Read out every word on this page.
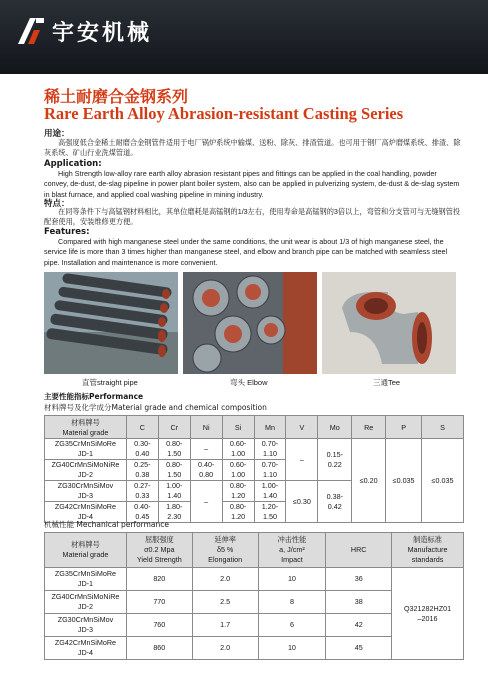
宇安机械
稀土耐磨合金钢系列
Rare Earth Alloy Abrasion-resistant Casting Series
用途：
高强度低合金稀土耐磨合金钢管件适用于电厂锅炉系统中输煤、送粉、除灰、排渣管道。也可用于钢厂高炉磨煤系统、排渣、除灰系统、矿山行业洗煤管道。
Application:
High Strength low-alloy rare earth alloy abrasion resistant pipes and fittings can be applied in the coal handling, powder convey, de-dust, de-slag pipeline in power plant boiler system, also can be applied in pulverizing system, de-dust & de-slag system in blast furnace, and applied coal washing pipeline in mining industry.
特点：
在同等条件下与高锰钢材料相比，其单位磨耗是高锰钢的1/3左右，使用寿命是高锰钢的3倍以上，弯管和分支管可与无缝钢管投配套使用，安装维修更方便。
Features:
Compared with high manganese steel under the same conditions, the unit wear is about 1/3 of high manganese steel, the service life is more than 3 times higher than manganese steel, and elbow and branch pipe can be matched with seamless steel pipe. Installation and maintenance is more convenient.
直管straight pipe	弯头 Elbow	三通Tee
主要性能指标Performance
材料牌号及化学成分Material grade and chemical composition
材料牌号
Material grade	C	Cr	Ni	Si	Mn	V	Mo	Re	P	S
ZG35CrMnSiMoRe
JD-1	0.30-
0.40	0.80-
1.50	–	0.60-
1.00	0.70-
1.10	–	0.15-
0.22	≤0.20	≤0.035	≤0.035

ZG40CrMnSiMoNiRe
JD-2	0.25-
0.38	0.80-
1.50	0.40-
0.80	0.60-
1.00	0.70-
1.10					

ZG30CrMnSiMov
JD-3	0.27-
0.33	1.00-
1.40	–	0.80-
1.20	1.00-
1.40	≤0.30	0.38-
0.42			

ZG42CrMnSiMoRe
JD-4	0.40-
0.45	1.80-
2.30		0.80-
1.20	1.20-
1.50					

机械性能 Mechanical performance
材料牌号
Material grade	屈服强度
σ0.2 Mpa
Yield Strength	延伸率
δ5 %
Elongation	冲击性能
a, J/cm²
Impact	HRC	制造标准
Manufacture
standards
ZG35CrMnSiMoRe
JD-1	820	2.0	10	36	Q321282HZ01
–2016
ZG40CrMnSiMoNiRe
JD-2	770	2.5	8	38	
ZG30CrMnSiMov
JD-3	760	1.7	6	42	
ZG42CrMnSiMoRe
JD-4	860	2.0	10	45	
